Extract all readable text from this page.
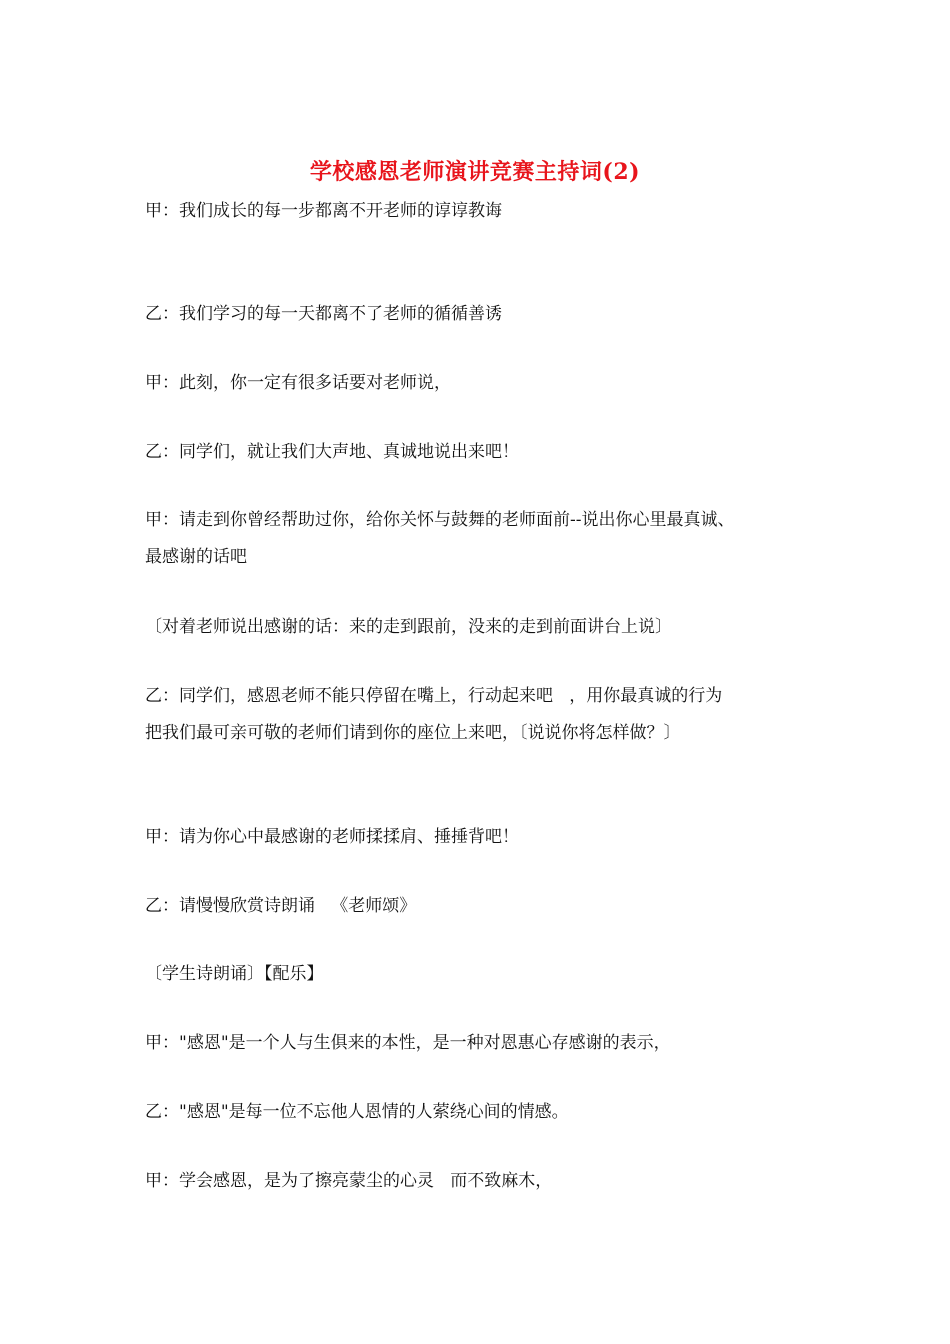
学校感恩老师演讲竞赛主持词(2)
甲：我们成长的每一步都离不开老师的谆谆教诲
乙：我们学习的每一天都离不了老师的循循善诱
甲：此刻，你一定有很多话要对老师说，
乙：同学们，就让我们大声地、真诚地说出来吧！
甲：请走到你曾经帮助过你，给你关怀与鼓舞的老师面前--说出你心里最真诚、
最感谢的话吧
〔对着老师说出感谢的话：来的走到跟前，没来的走到前面讲台上说〕
乙：同学们，感恩老师不能只停留在嘴上，行动起来吧   ，用你最真诚的行为
把我们最可亲可敬的老师们请到你的座位上来吧，〔说说你将怎样做？〕
甲：请为你心中最感谢的老师揉揉肩、捶捶背吧！
乙：请慢慢欣赏诗朗诵   《老师颂》
〔学生诗朗诵〕【配乐】
甲："感恩"是一个人与生俱来的本性，是一种对恩惠心存感谢的表示，
乙："感恩"是每一位不忘他人恩情的人萦绕心间的情感。
甲：学会感恩，是为了擦亮蒙尘的心灵   而不致麻木，
